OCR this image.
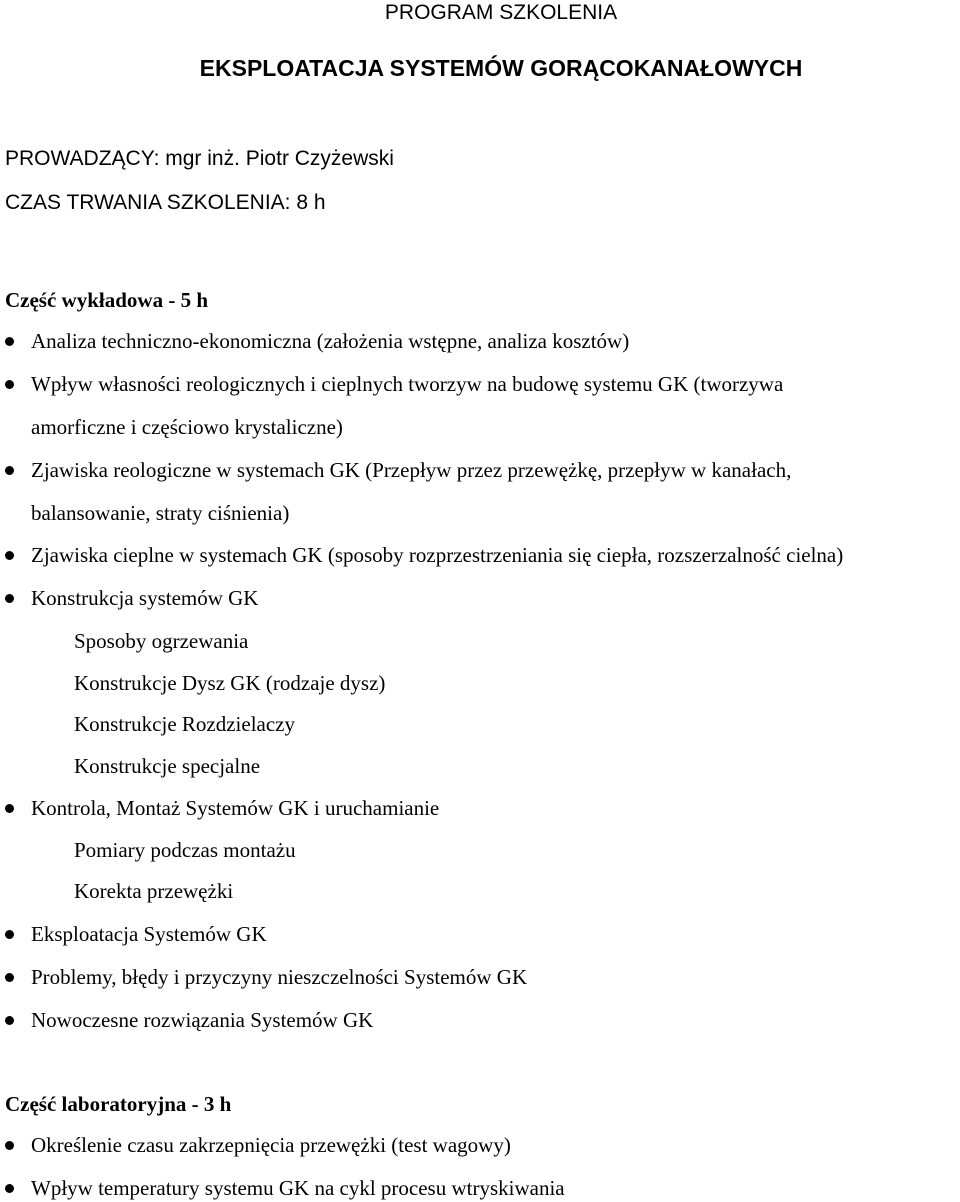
PROGRAM SZKOLENIA
EKSPLOATACJA SYSTEMÓW GORĄCOKANAŁOWYCH
PROWADZĄCY: mgr inż. Piotr Czyżewski
CZAS TRWANIA SZKOLENIA: 8 h
Część wykładowa - 5 h
Analiza techniczno-ekonomiczna (założenia wstępne, analiza kosztów)
Wpływ własności reologicznych i cieplnych tworzyw na budowę systemu GK (tworzywa
amorficzne i częściowo krystaliczne)
Zjawiska reologiczne w systemach GK (Przepływ przez przewężkę, przepływ w kanałach,
balansowanie, straty ciśnienia)
Zjawiska cieplne w systemach GK (sposoby rozprzestrzeniania się ciepła, rozszerzalność cielna)
Konstrukcja systemów GK
Sposoby ogrzewania
Konstrukcje Dysz GK (rodzaje dysz)
Konstrukcje Rozdzielaczy
Konstrukcje specjalne
Kontrola, Montaż Systemów GK i uruchamianie
Pomiary podczas montażu
Korekta przewężki
Eksploatacja Systemów GK
Problemy, błędy i przyczyny nieszczelności Systemów GK
Nowoczesne rozwiązania Systemów GK
Część laboratoryjna - 3 h
Określenie czasu zakrzepnięcia przewężki (test wagowy)
Wpływ temperatury systemu GK na cykl procesu wtryskiwania
